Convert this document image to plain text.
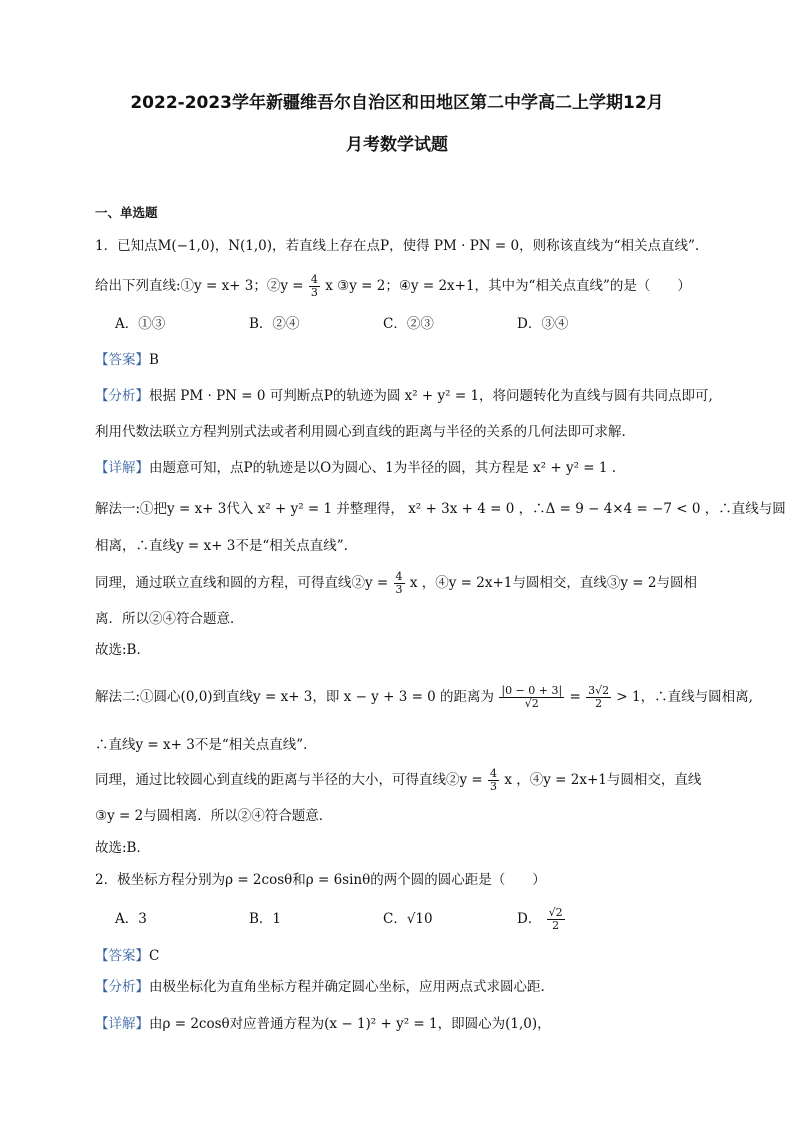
2022-2023学年新疆维吾尔自治区和田地区第二中学高二上学期12月
月考数学试题
一、单选题
1．已知点M(−1,0)，N(1,0)，若直线上存在点P，使得 PM · PN = 0，则称该直线为“相关点直线”.
给出下列直线:①y = x+ 3；②y = $\frac{4}{3}$ x ③y = 2；④y = 2x+1，其中为“相关点直线”的是（　　）
A．①③	B．②④	C．②③	D．③④
【答案】B
【分析】根据 PM · PN = 0 可判断点P的轨迹为圆 x² + y² = 1，将问题转化为直线与圆有共同点即可,
利用代数法联立方程判别式法或者利用圆心到直线的距离与半径的关系的几何法即可求解.
【详解】由题意可知，点P的轨迹是以O为圆心、1为半径的圆，其方程是 x² + y² = 1 .
解法一:①把y = x+ 3代入 x² + y² = 1 并整理得， x² + 3x + 4 = 0 ，∴Δ = 9 − 4×4 = −7 < 0 ，∴直线与圆
相离，∴直线y = x+ 3不是“相关点直线”.
同理，通过联立直线和圆的方程，可得直线②y = $\frac{4}{3}$ x ，④y = 2x+1与圆相交，直线③y = 2与圆相
离．所以②④符合题意．
故选:B．
解法二:①圆心(0,0)到直线y = x+ 3，即 x − y + 3 = 0 的距离为 $\frac{|0 - 0 + 3|}{√2} = \frac{3√2}{2} > 1$，∴直线与圆相离,
∴直线y = x+ 3不是“相关点直线”.
同理，通过比较圆心到直线的距离与半径的大小，可得直线②y = $\frac{4}{3}$ x ，④y = 2x+1与圆相交，直线
③y = 2与圆相离．所以②④符合题意．
故选:B．
2．极坐标方程分别为ρ = 2cosθ和ρ = 6sinθ的两个圆的圆心距是（　　）
A．3	B．1	C．√10	D． $\frac{√2}{2}$
【答案】C
【分析】由极坐标化为直角坐标方程并确定圆心坐标，应用两点式求圆心距.
【详解】由ρ = 2cosθ对应普通方程为(x − 1)² + y² = 1，即圆心为(1,0)，
